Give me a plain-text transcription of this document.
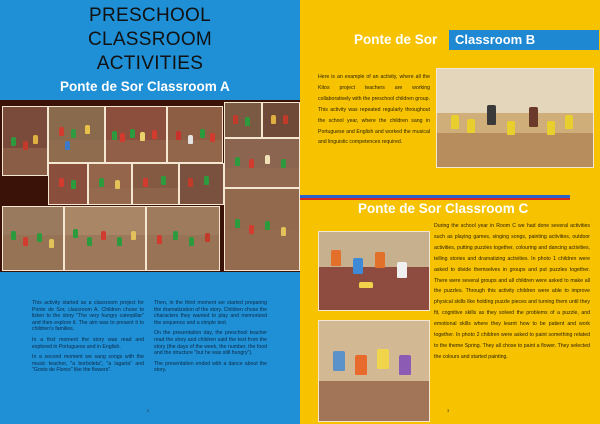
PRESCHOOL
CLASSROOM
ACTIVITIES
Ponte de Sor Classroom A

This activity started as a classroom project for Ponte de Sor, classroom A. Children chose to listen to the story "The very hungry caterpillar" and then explore it. The aim was to present it to children's families.

In a first moment the story was read and explored in Portuguese and in English.

In a second moment we sang songs with the music teacher, "a borboleta", "a lagarta" and "Gosto de Flores" like the flowers".

Then, in the third moment we started preparing the dramatization of the story. Children chose the characters they wanted to play and memorized the sequence and a simple text.

On the presentation day, the preschool teacher read the story and children said the text from the story (the days of the week, the number, the food and the structure "but he was still hungry").

The presentation ended with a dance about the story.

2
Ponte de Sor	Classroom B
Here is an example of an activity, where all the Kitos project teachers are working collaboratively with the preschool children group. This activity was repeated regularly throughout the school year, where the children sang in Portuguese and English and worked the musical and linguistic competences required.
Ponte de Sor Classroom C
During the school year in Room C we had done several activities such as playing games, singing songs, painting activities, outdoor activities, putting puzzles together, colouring and dancing activities, telling stories and dramatizing activities. In photo 1 children were asked to divide themselves in groups and put puzzles together. There were several groups and all children were asked to make all the puzzles. Through this activity children were able to improve physical skills like holding puzzle pieces and turning them until they fit, cognitive skills as they solved the problems of a puzzle, and emotional skills where they learnt how to be patient and work together. In photo 2 children were asked to paint something related to the theme Spring. They all chose to paint a flower. They selected the colours and started painting.
3
